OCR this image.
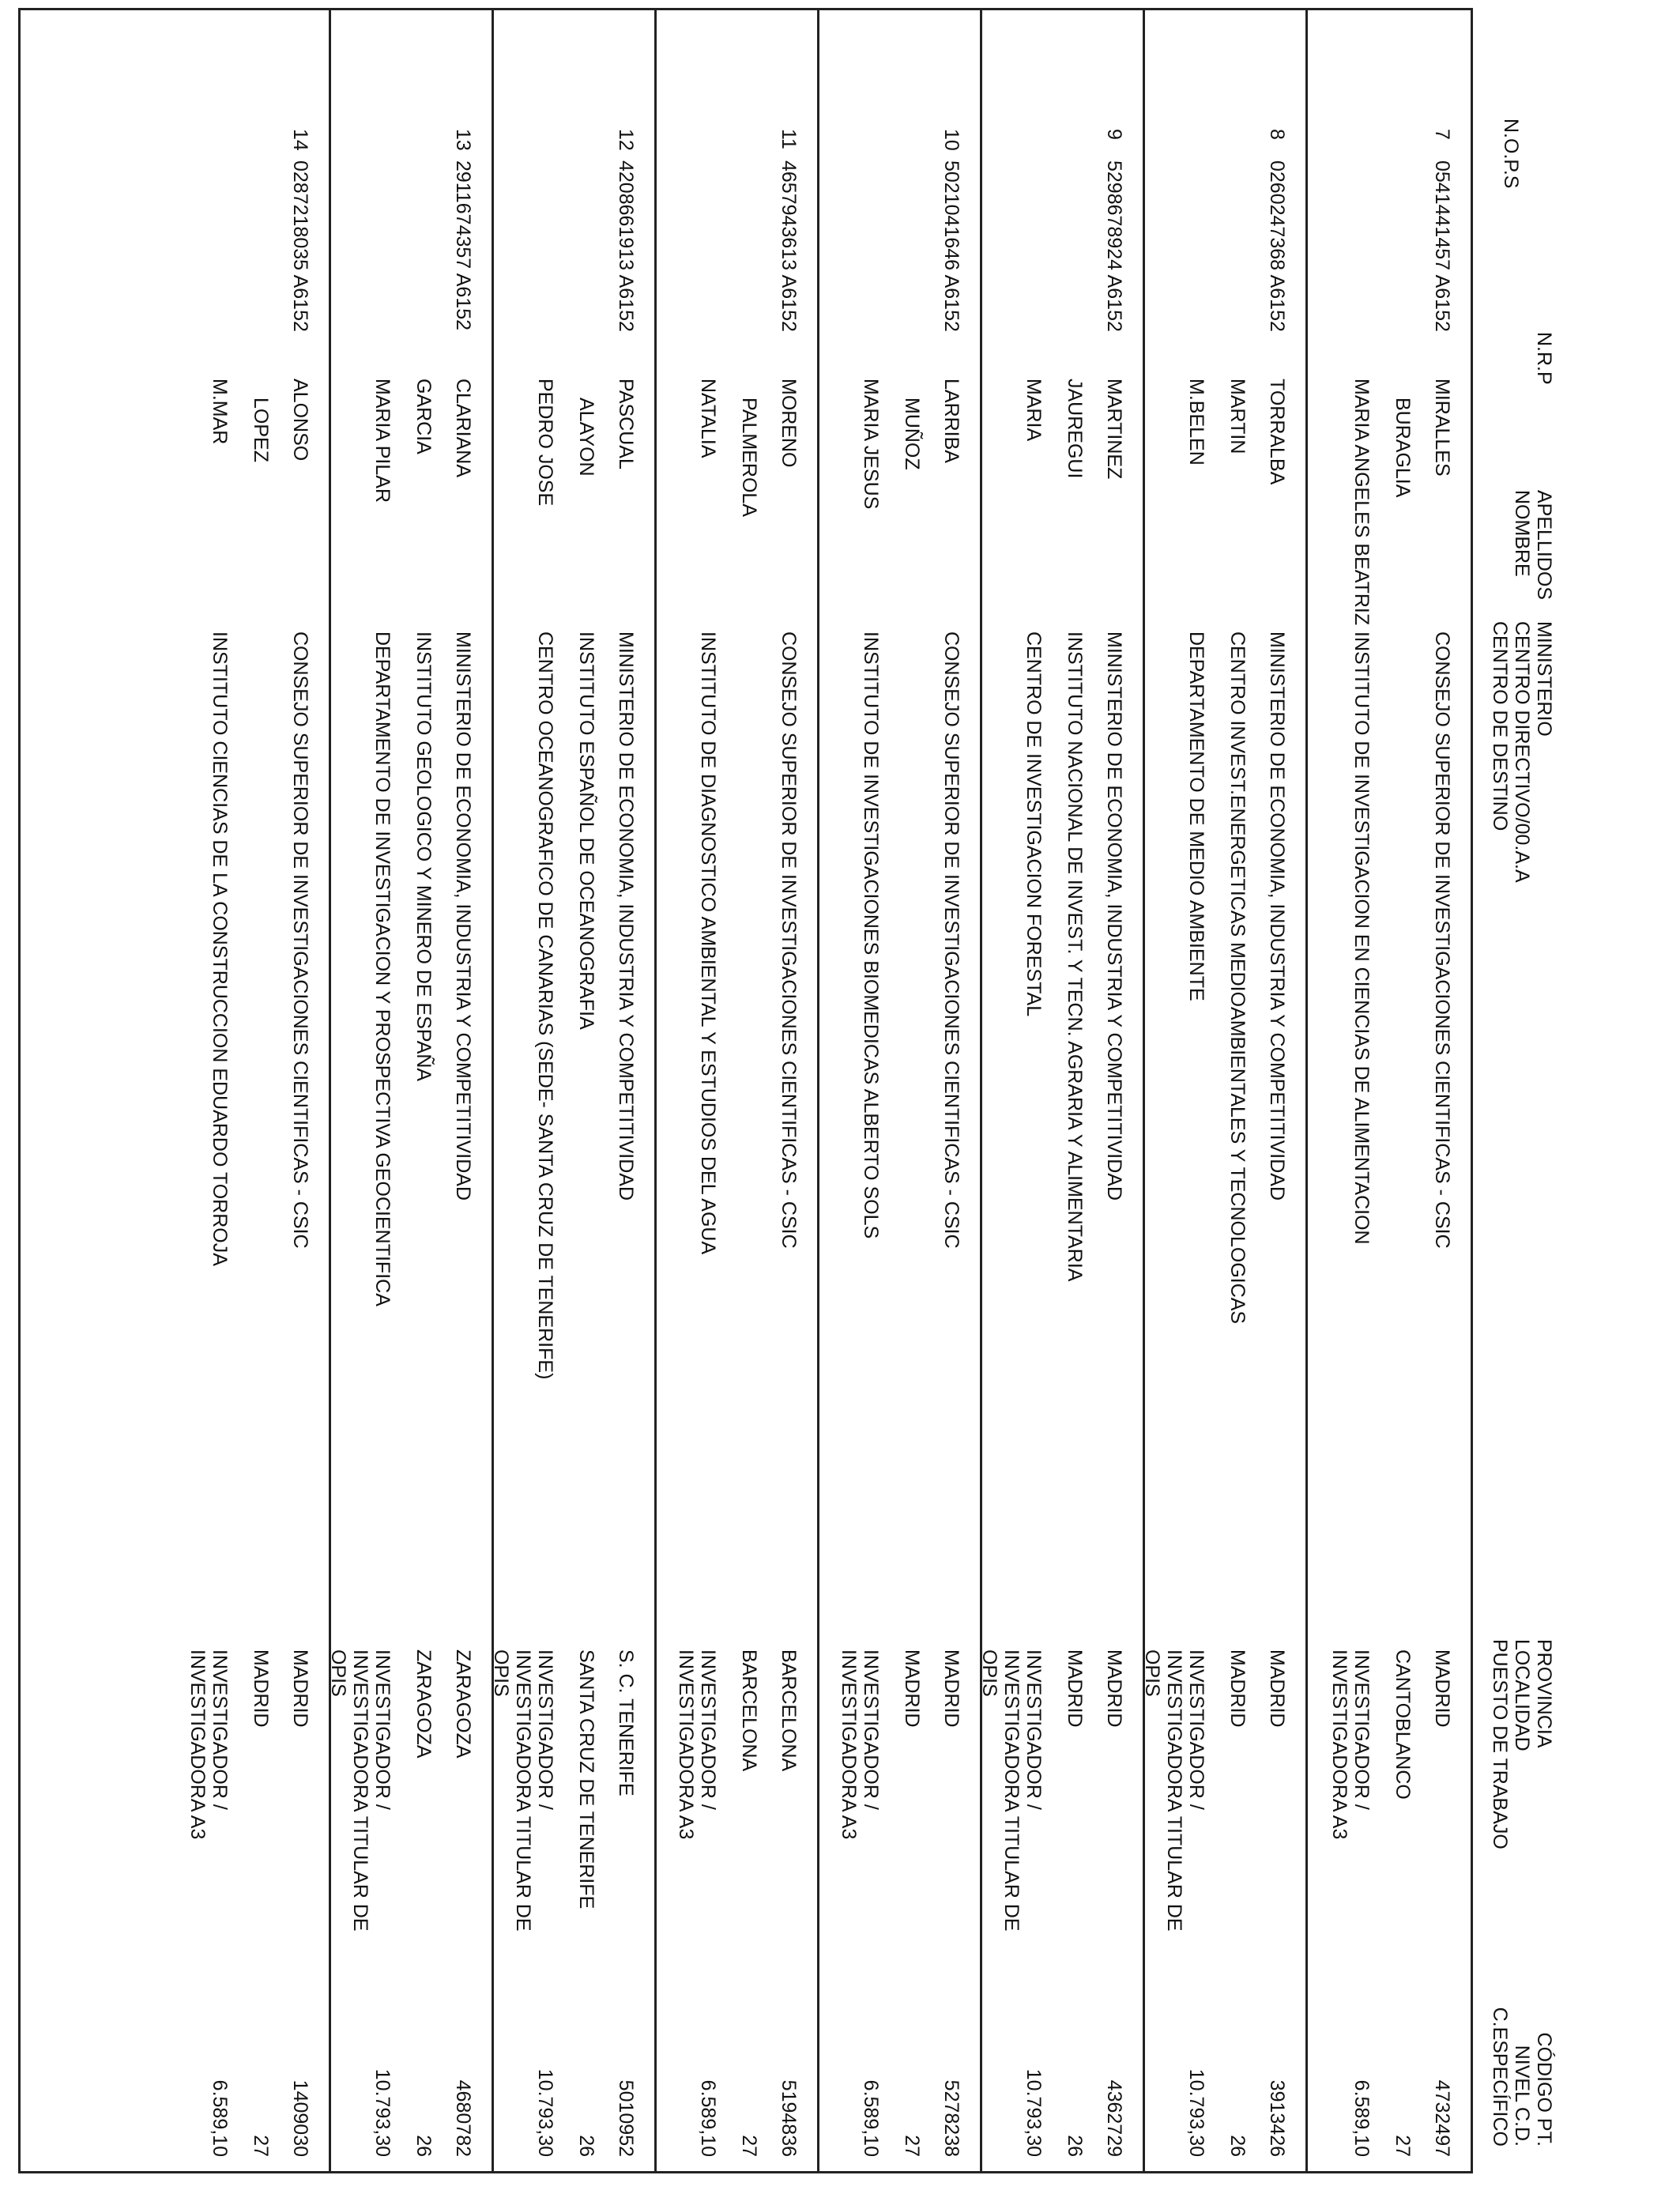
N.O.P.S
N.R.P
APELLIDOS
NOMBRE
MINISTERIO
CENTRO DIRECTIVO/00.A.A
CENTRO DE DESTINO
PROVINCIA
LOCALIDAD
PUESTO DE TRABAJO
CÓDIGO PT.
NIVEL C.D.
C.ESPECÍFICO
7
0541441457 A6152
MIRALLES
BURAGLIA
MARIA ANGELES BEATRIZ
CONSEJO SUPERIOR DE INVESTIGACIONES CIENTIFICAS - CSIC
INSTITUTO DE INVESTIGACION EN CIENCIAS DE ALIMENTACION
MADRID
CANTOBLANCO
INVESTIGADOR / INVESTIGADORA A3
4732497
27
6.589,10
8
0260247368 A6152
TORRALBA
MARTIN
M.BELEN
MINISTERIO DE ECONOMIA, INDUSTRIA Y COMPETITIVIDAD
CENTRO INVEST.ENERGETICAS MEDIOAMBIENTALES Y TECNOLOGICAS
DEPARTAMENTO DE MEDIO AMBIENTE
MADRID
MADRID
INVESTIGADOR / INVESTIGADORA TITULAR DE OPIS
3913426
26
10.793,30
9
5298678924 A6152
MARTINEZ
JAUREGUI
MARIA
MINISTERIO DE ECONOMIA, INDUSTRIA Y COMPETITIVIDAD
INSTITUTO NACIONAL DE INVEST. Y TECN. AGRARIA Y ALIMENTARIA
CENTRO DE INVESTIGACION FORESTAL
MADRID
MADRID
INVESTIGADOR / INVESTIGADORA TITULAR DE OPIS
4362729
26
10.793,30
10
5021041646 A6152
LARRIBA
MUÑOZ
MARIA JESUS
CONSEJO SUPERIOR DE INVESTIGACIONES CIENTIFICAS - CSIC
INSTITUTO DE INVESTIGACIONES BIOMEDICAS ALBERTO SOLS
MADRID
MADRID
INVESTIGADOR / INVESTIGADORA A3
5278238
27
6.589,10
11
4657943613 A6152
MORENO
PALMEROLA
NATALIA
CONSEJO SUPERIOR DE INVESTIGACIONES CIENTIFICAS - CSIC
INSTITUTO DE DIAGNOSTICO AMBIENTAL Y ESTUDIOS DEL AGUA
BARCELONA
BARCELONA
INVESTIGADOR / INVESTIGADORA A3
5194836
27
6.589,10
12
4208661913 A6152
PASCUAL
ALAYON
PEDRO JOSE
MINISTERIO DE ECONOMIA, INDUSTRIA Y COMPETITIVIDAD
INSTITUTO ESPAÑOL DE OCEANOGRAFIA
CENTRO OCEANOGRAFICO DE CANARIAS (SEDE- SANTA CRUZ DE TENERIFE)
S. C. TENERIFE
SANTA CRUZ DE TENERIFE
INVESTIGADOR / INVESTIGADORA TITULAR DE OPIS
5010952
26
10.793,30
13
2911674357 A6152
CLARIANA
GARCIA
MARIA PILAR
MINISTERIO DE ECONOMIA, INDUSTRIA Y COMPETITIVIDAD
INSTITUTO GEOLOGICO Y MINERO DE ESPAÑA
DEPARTAMENTO DE INVESTIGACION Y PROSPECTIVA GEOCIENTIFICA
ZARAGOZA
ZARAGOZA
INVESTIGADOR / INVESTIGADORA TITULAR DE OPIS
4680782
26
10.793,30
14
0287218035 A6152
ALONSO
LOPEZ
M.MAR
CONSEJO SUPERIOR DE INVESTIGACIONES CIENTIFICAS - CSIC
INSTITUTO CIENCIAS DE LA CONSTRUCCION EDUARDO TORROJA
MADRID
MADRID
INVESTIGADOR / INVESTIGADORA A3
1409030
27
6.589,10
